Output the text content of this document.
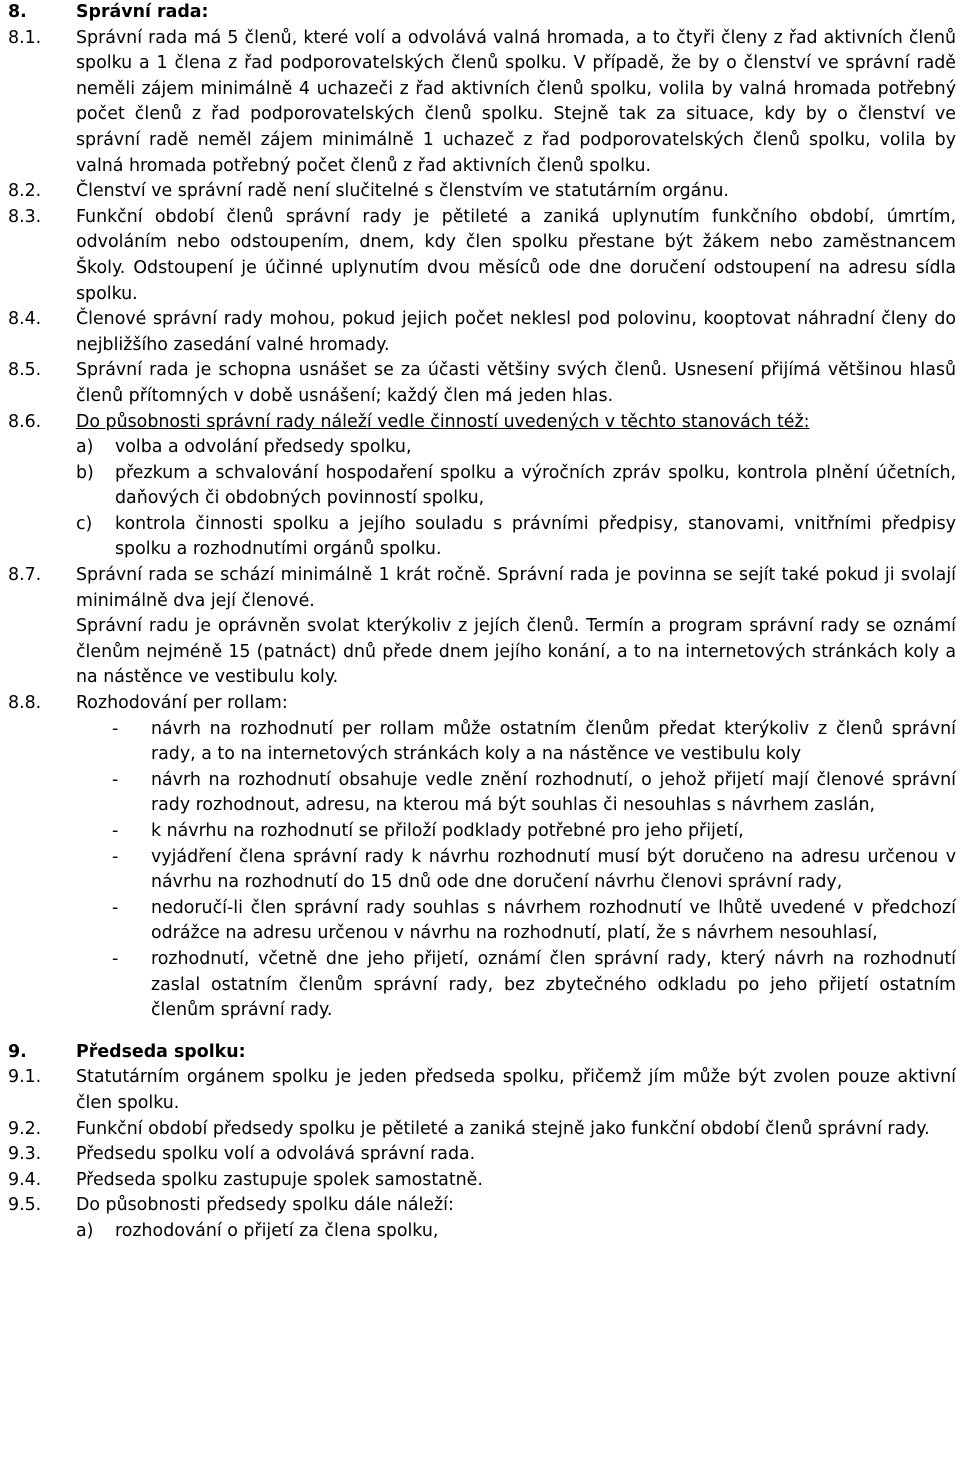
8.	Správní rada:
8.1.	Správní rada má 5 členů, které volí a odvolává valná hromada, a to čtyři členy z řad aktivních členů spolku a 1 člena z řad podporovatelských členů spolku. V případě, že by o členství ve správní radě neměli zájem minimálně 4 uchazeči z řad aktivních členů spolku, volila by valná hromada potřebný počet členů z řad podporovatelských členů spolku. Stejně tak za situace, kdy by o členství ve správní radě neměl zájem minimálně 1 uchazeč z řad podporovatelských členů spolku, volila by valná hromada potřebný počet členů z řad aktivních členů spolku.

8.2.	Členství ve správní radě není slučitelné s členstvím ve statutárním orgánu.

8.3.	Funkční období členů správní rady je pětileté a zaniká uplynutím funkčního období, úmrtím, odvoláním nebo odstoupením, dnem, kdy člen spolku přestane být žákem nebo zaměstnancem Školy. Odstoupení je účinné uplynutím dvou měsíců ode dne doručení odstoupení na adresu sídla spolku.

8.4.	Členové správní rady mohou, pokud jejich počet neklesl pod polovinu, kooptovat náhradní členy do nejbližšího zasedání valné hromady.

8.5.	Správní rada je schopna usnášet se za účasti většiny svých členů. Usnesení přijímá většinou hlasů členů přítomných v době usnášení; každý člen má jeden hlas.

8.6.	Do působnosti správní rady náleží vedle činností uvedených v těchto stanovách též:

a)	volba a odvolání předsedy spolku,
b)	přezkum a schvalování hospodaření spolku a výročních zpráv spolku, kontrola plnění účetních, daňových či obdobných povinností spolku,
c)	kontrola činnosti spolku a jejího souladu s právními předpisy, stanovami, vnitřními předpisy spolku a rozhodnutími orgánů spolku.
8.7.	Správní rada se schází minimálně 1 krát ročně. Správní rada je povinna se sejít také pokud ji svolají minimálně dva její členové.

Správní radu je oprávněn svolat kterýkoliv z jejích členů. Termín a program správní rady se oznámí členům nejméně 15 (patnáct) dnů přede dnem jejího konání, a to na internetových stránkách koly a na nástěnce ve vestibulu koly.

8.8.	Rozhodování per rollam:

-	návrh na rozhodnutí per rollam může ostatním členům předat kterýkoliv z členů správní rady, a to na internetových stránkách koly a na nástěnce ve vestibulu koly
-	návrh na rozhodnutí obsahuje vedle znění rozhodnutí, o jehož přijetí mají členové správní rady rozhodnout, adresu, na kterou má být souhlas či nesouhlas s návrhem zaslán,
-	k návrhu na rozhodnutí se přiloží podklady potřebné pro jeho přijetí,
-	vyjádření člena správní rady k návrhu rozhodnutí musí být doručeno na adresu určenou v návrhu na rozhodnutí do 15 dnů ode dne doručení návrhu členovi správní rady,
-	nedoručí-li člen správní rady souhlas s návrhem rozhodnutí ve lhůtě uvedené v předchozí odrážce na adresu určenou v návrhu na rozhodnutí, platí, že s návrhem nesouhlasí,
-	rozhodnutí, včetně dne jeho přijetí, oznámí člen správní rady, který návrh na rozhodnutí zaslal ostatním členům správní rady, bez zbytečného odkladu po jeho přijetí ostatním členům správní rady.
9.	Předseda spolku:
9.1.	Statutárním orgánem spolku je jeden předseda spolku, přičemž jím může být zvolen pouze aktivní člen spolku.

9.2.	Funkční období předsedy spolku je pětileté a zaniká stejně jako funkční období členů správní rady.

9.3.	Předsedu spolku volí a odvolává správní rada.

9.4.	Předseda spolku zastupuje spolek samostatně.

9.5.	Do působnosti předsedy spolku dále náleží:

a)	rozhodování o přijetí za člena spolku,
